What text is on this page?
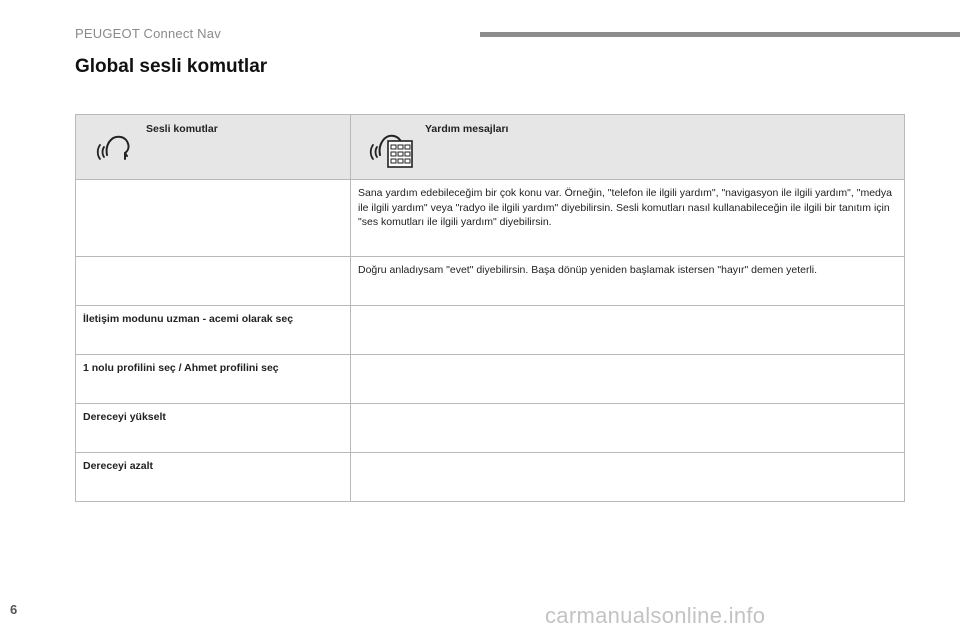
PEUGEOT Connect Nav
Global sesli komutlar
Sesli komutlar	Yardım mesajları

	Sana yardım edebileceğim bir çok konu var. Örneğin, "telefon ile ilgili yardım", "navigasyon ile ilgili yardım", "medya ile ilgili yardım" veya "radyo ile ilgili yardım" diyebilirsin. Sesli komutları nasıl kullanabileceğin ile ilgili bir tanıtım için "ses komutları ile ilgili yardım" diyebilirsin.
	Doğru anladıysam "evet" diyebilirsin. Başa dönüp yeniden başlamak istersen "hayır" demen yeterli.
İletişim modunu uzman - acemi olarak seç	
1 nolu profilini seç / Ahmet profilini seç	
Dereceyi yükselt	
Dereceyi azalt	
6	carmanualsonline.info
